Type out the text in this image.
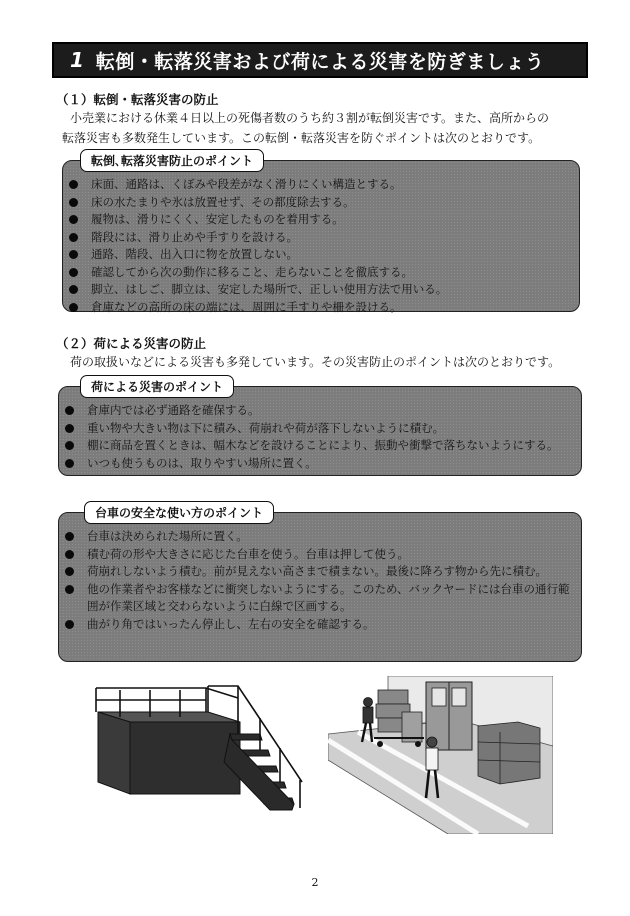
1 転倒・転落災害および荷による災害を防ぎましょう
（１）転倒・転落災害の防止
小売業における休業４日以上の死傷者数のうち約３割が転倒災害です。また、高所からの
転落災害も多数発生しています。この転倒・転落災害を防ぐポイントは次のとおりです。
転倒､転落災害防止のポイント
床面、通路は、くぼみや段差がなく滑りにくい構造とする。
床の水たまりや氷は放置せず、その都度除去する。
履物は、滑りにくく、安定したものを着用する。
階段には、滑り止めや手すりを設ける。
通路、階段、出入口に物を放置しない。
確認してから次の動作に移ること、走らないことを徹底する。
脚立、はしご、脚立は、安定した場所で、正しい使用方法で用いる。
倉庫などの高所の床の端には、周囲に手すりや柵を設ける。
（２）荷による災害の防止
荷の取扱いなどによる災害も多発しています。その災害防止のポイントは次のとおりです。
荷による災害のポイント
倉庫内では必ず通路を確保する。
重い物や大きい物は下に積み、荷崩れや荷が落下しないように積む。
棚に商品を置くときは、幅木などを設けることにより、振動や衝撃で落ちないようにする。
いつも使うものは、取りやすい場所に置く。
台車の安全な使い方のポイント
台車は決められた場所に置く。
積む荷の形や大きさに応じた台車を使う。台車は押して使う。
荷崩れしないよう積む。前が見えない高さまで積まない。最後に降ろす物から先に積む。
他の作業者やお客様などに衝突しないようにする。このため、バックヤードには台車の通行範囲が作業区域と交わらないように白線で区画する。
曲がり角ではいったん停止し、左右の安全を確認する。
2
